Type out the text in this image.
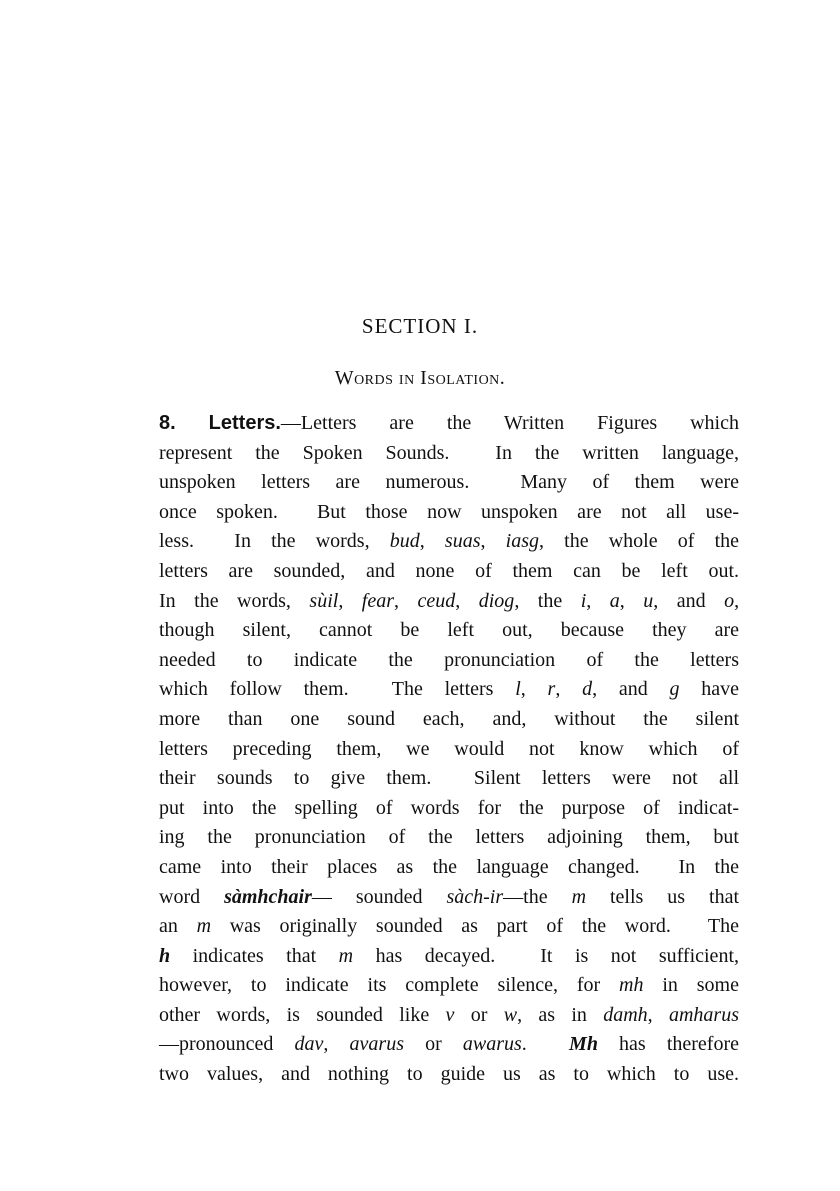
SECTION I.
Words in Isolation.
8. Letters.—Letters are the Written Figures which
represent the Spoken Sounds.  In the written language,
unspoken letters are numerous.  Many of them were
once spoken.  But those now unspoken are not all use-
less.  In the words, bud, suas, iasg, the whole of the
letters are sounded, and none of them can be left out.
In the words, sùil, fear, ceud, diog, the i, a, u, and o,
though silent, cannot be left out, because they are
needed to indicate the pronunciation of the letters
which follow them.  The letters l, r, d, and g have
more than one sound each, and, without the silent
letters preceding them, we would not know which of
their sounds to give them.  Silent letters were not all
put into the spelling of words for the purpose of indicat-
ing the pronunciation of the letters adjoining them, but
came into their places as the language changed.  In the
word sàmhchair— sounded sàch-ir—the m tells us that
an m was originally sounded as part of the word.  The
h indicates that m has decayed.  It is not sufficient,
however, to indicate its complete silence, for mh in some
other words, is sounded like v or w, as in damh, amharus
—pronounced dav, avarus or awarus.  Mh has therefore
two values, and nothing to guide us as to which to use.
